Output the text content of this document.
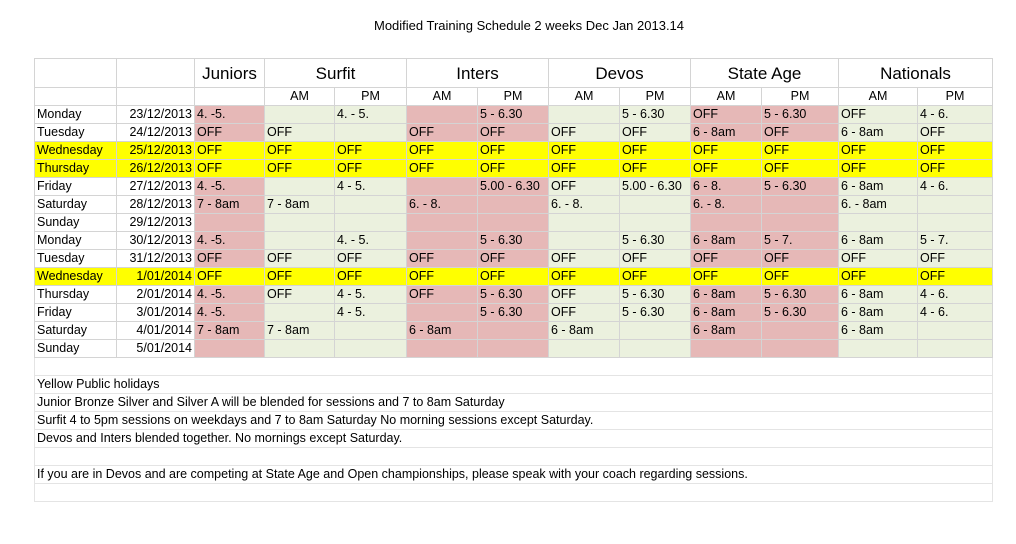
Modified Training Schedule 2 weeks Dec Jan 2013.14
		Juniors	Surfit		Inters		Devos		State Age		Nationals	
			AM	PM	AM	PM	AM	PM	AM	PM	AM	PM
Monday	23/12/2013	4. -5.		4. - 5.		5 - 6.30		5 - 6.30	OFF	5 - 6.30	OFF	4 - 6.
Tuesday	24/12/2013	OFF	OFF		OFF	OFF	OFF	OFF	6 - 8am	OFF	6 - 8am	OFF
Wednesday	25/12/2013	OFF	OFF	OFF	OFF	OFF	OFF	OFF	OFF	OFF	OFF	OFF
Thursday	26/12/2013	OFF	OFF	OFF	OFF	OFF	OFF	OFF	OFF	OFF	OFF	OFF
Friday	27/12/2013	4. -5.		4 - 5.		5.00 - 6.30	OFF	5.00 - 6.30	6 - 8.	5 - 6.30	6 - 8am	4 - 6.
Saturday	28/12/2013	7 - 8am	7 - 8am		6. - 8.		6. - 8.		6. - 8.		6. - 8am	
Sunday	29/12/2013											
Monday	30/12/2013	4. -5.		4. - 5.		5 - 6.30		5 - 6.30	6 - 8am	5 - 7.	6 - 8am	5 - 7.
Tuesday	31/12/2013	OFF	OFF	OFF	OFF	OFF	OFF	OFF	OFF	OFF	OFF	OFF
Wednesday	1/01/2014	OFF	OFF	OFF	OFF	OFF	OFF	OFF	OFF	OFF	OFF	OFF
Thursday	2/01/2014	4. -5.	OFF	4 - 5.	OFF	5 - 6.30	OFF	5 - 6.30	6 - 8am	5 - 6.30	6 - 8am	4 - 6.
Friday	3/01/2014	4. -5.		4 - 5.		5 - 6.30	OFF	5 - 6.30	6 - 8am	5 - 6.30	6 - 8am	4 - 6.
Saturday	4/01/2014	7 - 8am	7 - 8am		6 - 8am		6 - 8am		6 - 8am		6 - 8am	
Sunday	5/01/2014											

Yellow Public holidays												
Junior Bronze Silver and Silver A will be blended for sessions and 7 to 8am Saturday												
Surfit 4 to 5pm sessions on weekdays and 7 to 8am Saturday No morning sessions except Saturday.												
Devos and Inters blended together. No mornings except Saturday.												

If you are in Devos and are competing at State Age and Open championships, please speak with your coach regarding sessions.												
